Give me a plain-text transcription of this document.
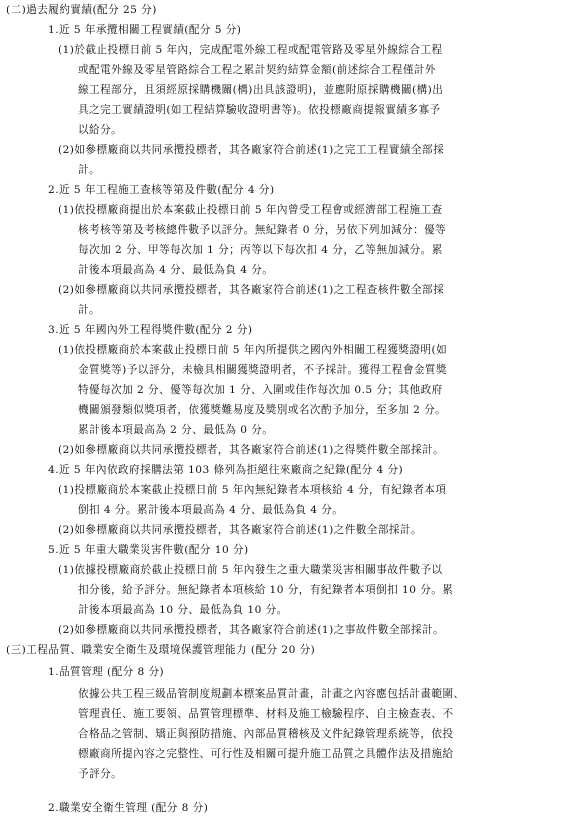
(二)過去履約實績(配分 25 分)
1.近 5 年承攬相關工程實績(配分 5 分)
(1)於截止投標日前 5 年內，完成配電外線工程或配電管路及零星外線綜合工程
或配電外線及零星管路綜合工程之累計契約結算金額(前述綜合工程僅計外
線工程部分，且須經原採購機關(構)出具該證明)，並應附原採購機關(構)出
具之完工實績證明(如工程結算驗收證明書等)。依投標廠商提報實績多寡予
以給分。
(2)如參標廠商以共同承攬投標者，其各廠家符合前述(1)之完工工程實績全部採
計。
2.近 5 年工程施工查核等第及件數(配分 4 分)
(1)依投標廠商提出於本案截止投標日前 5 年內曾受工程會或經濟部工程施工查
核考核等第及考核總件數予以評分。無紀錄者 0 分，另依下列加減分：優等
每次加 2 分、甲等每次加 1 分；丙等以下每次扣 4 分，乙等無加減分。累
計後本項最高為 4 分、最低為負 4 分。
(2)如參標廠商以共同承攬投標者，其各廠家符合前述(1)之工程查核件數全部採
計。
3.近 5 年國內外工程得獎件數(配分 2 分)
(1)依投標廠商於本案截止投標日前 5 年內所提供之國內外相關工程獲獎證明(如
金質獎等)予以評分，未檢具相關獲獎證明者，不予採計。獲得工程會金質獎
特優每次加 2 分、優等每次加 1 分、入圍或佳作每次加 0.5 分；其他政府
機關頒發類似獎項者，依獲獎難易度及獎別或名次酌予加分，至多加 2 分。
累計後本項最高為 2 分、最低為 0 分。
(2)如參標廠商以共同承攬投標者，其各廠家符合前述(1)之得獎件數全部採計。
4.近 5 年內依政府採購法第 103 條列為拒絕往來廠商之紀錄(配分 4 分)
(1)投標廠商於本案截止投標日前 5 年內無紀錄者本項核給 4 分，有紀錄者本項
倒扣 4 分。累計後本項最高為 4 分、最低為負 4 分。
(2)如參標廠商以共同承攬投標者，其各廠家符合前述(1)之件數全部採計。
5.近 5 年重大職業災害件數(配分 10 分)
(1)依據投標廠商於截止投標日前 5 年內發生之重大職業災害相關事故件數予以
扣分後，給予評分。無紀錄者本項核給 10 分，有紀錄者本項倒扣 10 分。累
計後本項最高為 10 分、最低為負 10 分。
(2)如參標廠商以共同承攬投標者，其各廠家符合前述(1)之事故件數全部採計。
(三)工程品質、職業安全衛生及環境保護管理能力 (配分 20 分)
1.品質管理 (配分 8 分)
依據公共工程三級品管制度規劃本標案品質計畫，計畫之內容應包括計畫範圍、
管理責任、施工要領、品質管理標準、材料及施工檢驗程序、自主檢查表、不
合格品之管制、矯正與預防措施、內部品質稽核及文件紀錄管理系統等，依投
標廠商所提內容之完整性、可行性及相關可提升施工品質之具體作法及措施給
予評分。
2.職業安全衛生管理 (配分 8 分)
